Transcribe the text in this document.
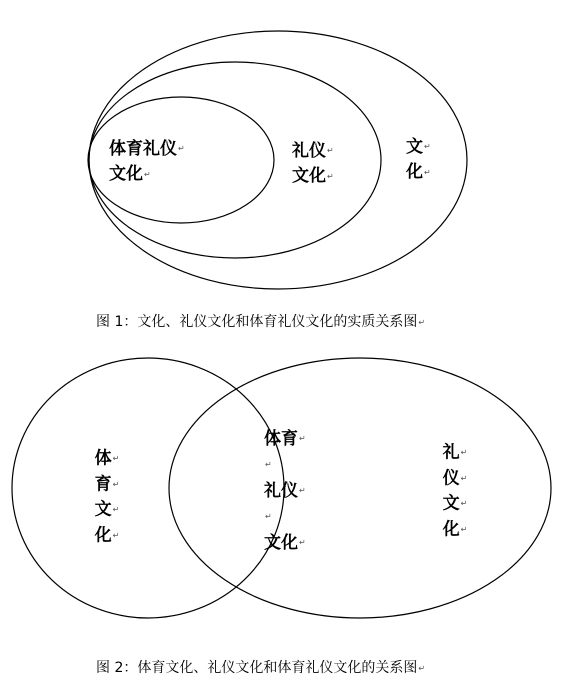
体育礼仪 ↵
文化 ↵
礼仪 ↵
文化 ↵
文 ↵
化 ↵
图 1：文化、礼仪文化和体育礼仪文化的实质关系图 ↵
体 ↵
育 ↵
文 ↵
化 ↵
体育 ↵
↵
礼仪 ↵
↵
文化 ↵
礼 ↵
仪 ↵
文 ↵
化 ↵
图 2：体育文化、礼仪文化和体育礼仪文化的关系图 ↵
